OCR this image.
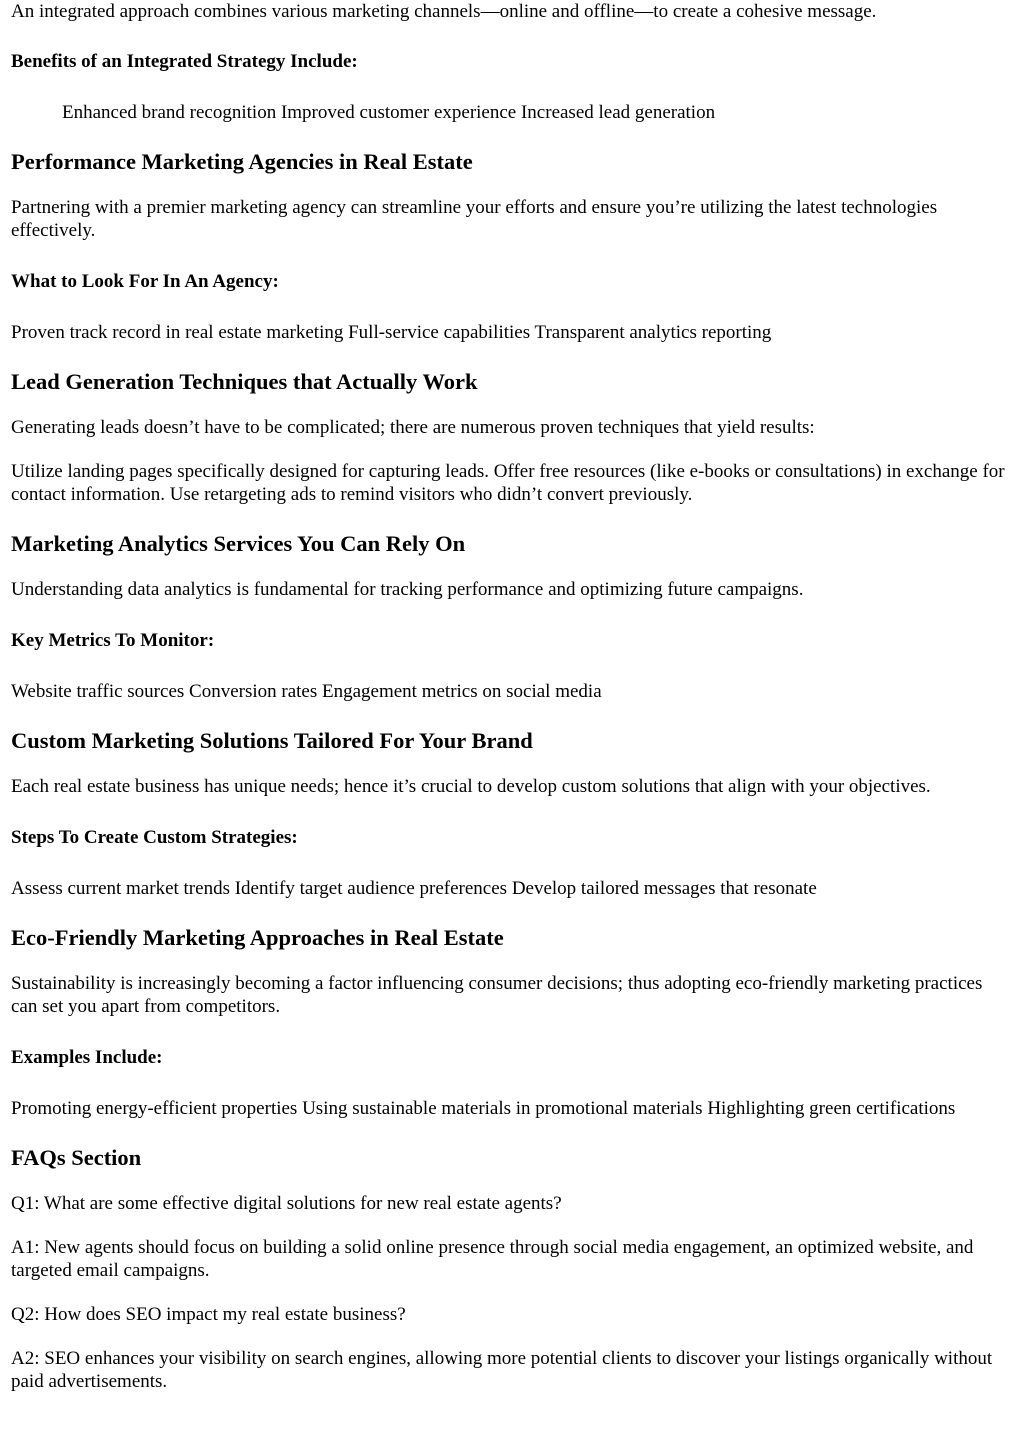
An integrated approach combines various marketing channels—online and offline—to create a cohesive message.

Benefits of an Integrated Strategy Include:

Enhanced brand recognition Improved customer experience Increased lead generation

Performance Marketing Agencies in Real Estate

Partnering with a premier marketing agency can streamline your efforts and ensure you’re utilizing the latest technologies effectively.

What to Look For In An Agency:

Proven track record in real estate marketing Full-service capabilities Transparent analytics reporting

Lead Generation Techniques that Actually Work

Generating leads doesn’t have to be complicated; there are numerous proven techniques that yield results:

Utilize landing pages specifically designed for capturing leads. Offer free resources (like e-books or consultations) in exchange for contact information. Use retargeting ads to remind visitors who didn’t convert previously.

Marketing Analytics Services You Can Rely On

Understanding data analytics is fundamental for tracking performance and optimizing future campaigns.

Key Metrics To Monitor:

Website traffic sources Conversion rates Engagement metrics on social media

Custom Marketing Solutions Tailored For Your Brand

Each real estate business has unique needs; hence it’s crucial to develop custom solutions that align with your objectives.

Steps To Create Custom Strategies:

Assess current market trends Identify target audience preferences Develop tailored messages that resonate

Eco-Friendly Marketing Approaches in Real Estate

Sustainability is increasingly becoming a factor influencing consumer decisions; thus adopting eco-friendly marketing practices can set you apart from competitors.

Examples Include:

Promoting energy-efficient properties Using sustainable materials in promotional materials Highlighting green certifications

FAQs Section

Q1: What are some effective digital solutions for new real estate agents?

A1: New agents should focus on building a solid online presence through social media engagement, an optimized website, and targeted email campaigns.

Q2: How does SEO impact my real estate business?

A2: SEO enhances your visibility on search engines, allowing more potential clients to discover your listings organically without paid advertisements.
